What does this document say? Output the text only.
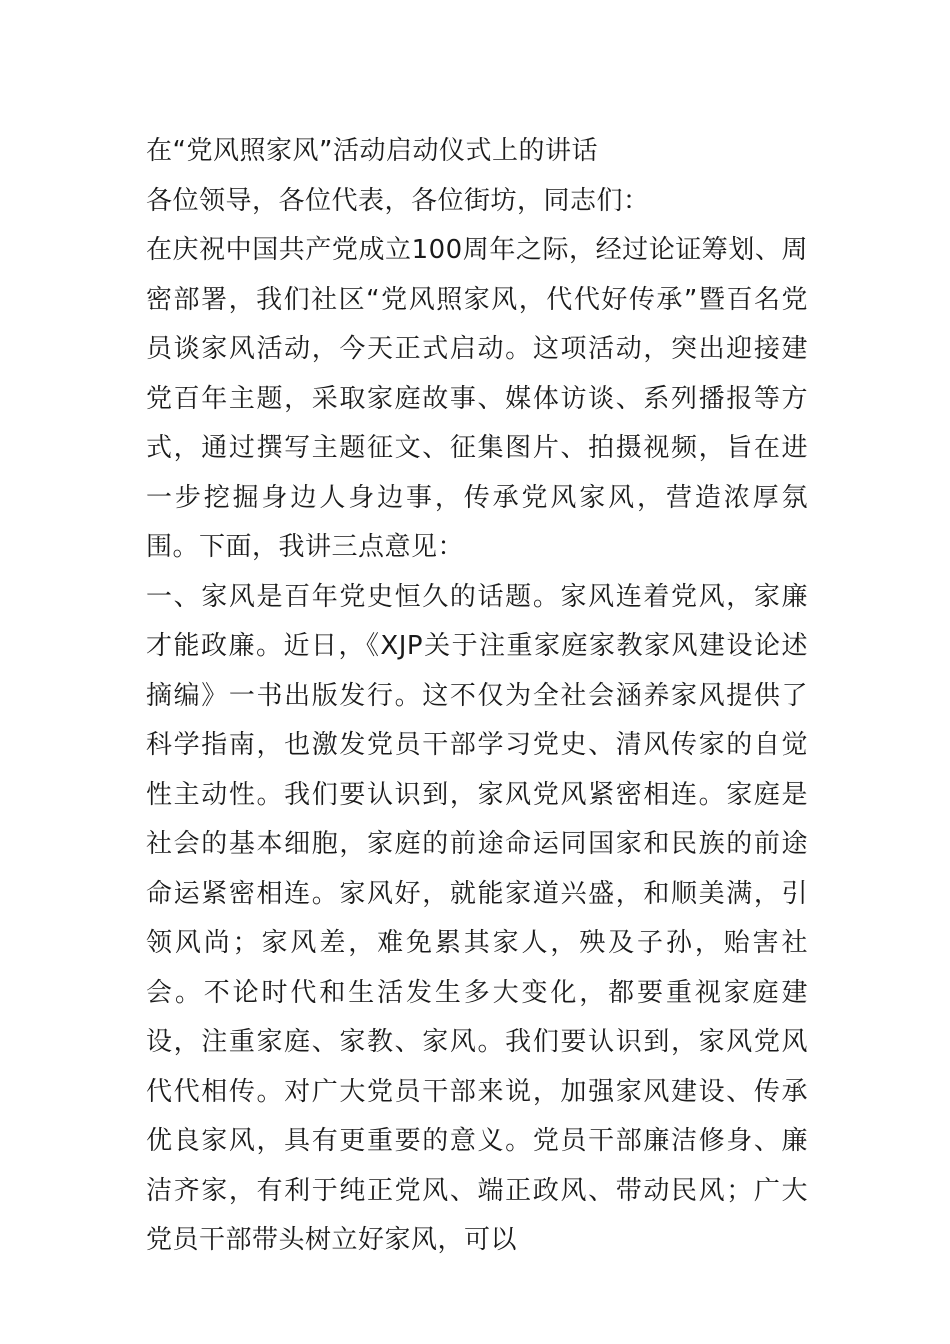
在“党风照家风”活动启动仪式上的讲话

各位领导，各位代表，各位街坊，同志们：

在庆祝中国共产党成立100周年之际，经过论证筹划、周密部署，我们社区“党风照家风，代代好传承”暨百名党员谈家风活动，今天正式启动。这项活动，突出迎接建党百年主题，采取家庭故事、媒体访谈、系列播报等方式，通过撰写主题征文、征集图片、拍摄视频，旨在进一步挖掘身边人身边事，传承党风家风，营造浓厚氛围。下面，我讲三点意见：

一、家风是百年党史恒久的话题。家风连着党风，家廉才能政廉。近日，《XJP关于注重家庭家教家风建设论述摘编》一书出版发行。这不仅为全社会涵养家风提供了科学指南，也激发党员干部学习党史、清风传家的自觉性主动性。我们要认识到，家风党风紧密相连。家庭是社会的基本细胞，家庭的前途命运同国家和民族的前途命运紧密相连。家风好，就能家道兴盛，和顺美满，引领风尚；家风差，难免累其家人，殃及子孙，贻害社会。不论时代和生活发生多大变化，都要重视家庭建设，注重家庭、家教、家风。我们要认识到，家风党风代代相传。对广大党员干部来说，加强家风建设、传承优良家风，具有更重要的意义。党员干部廉洁修身、廉洁齐家，有利于纯正党风、端正政风、带动民风；广大党员干部带头树立好家风，可以
